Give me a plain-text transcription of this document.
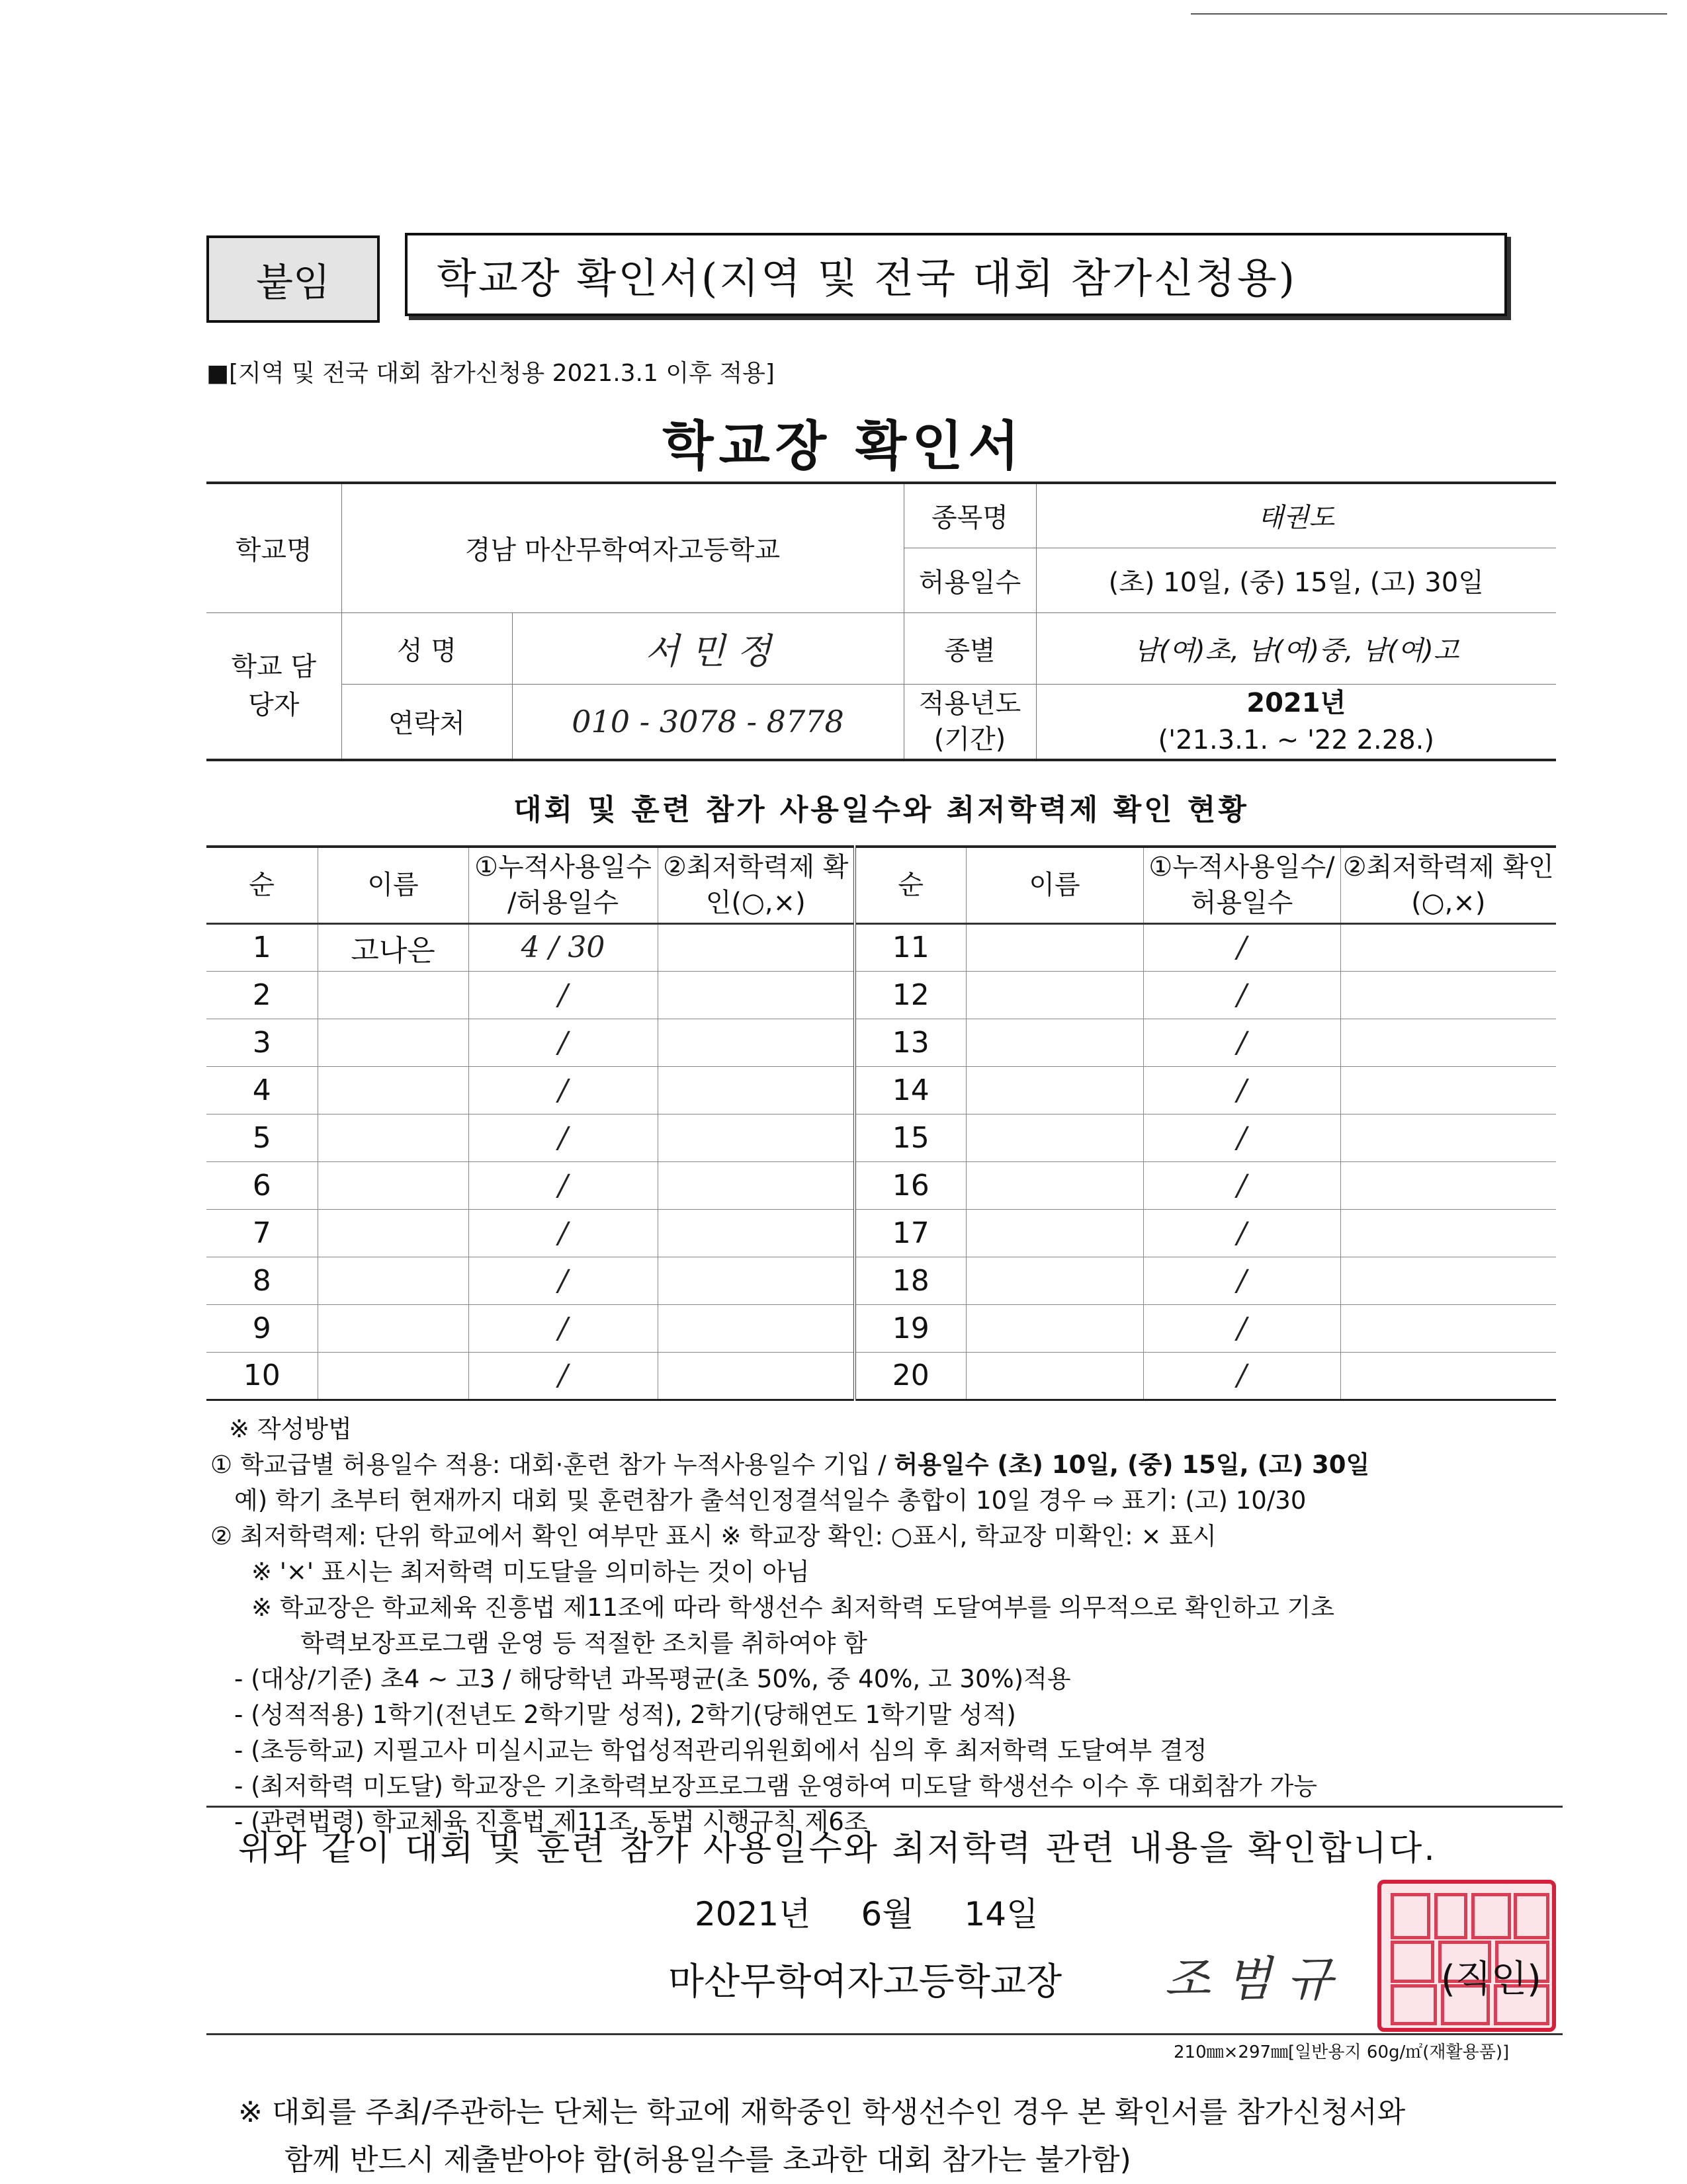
붙임	학교장 확인서(지역 및 전국 대회 참가신청용)
■[지역 및 전국 대회 참가신청용 2021.3.1 이후 적용]
학교장 확인서
학교명	경남 마산무학여자고등학교		종목명	태권도
			허용일수	(초) 10일, (중) 15일, (고) 30일
학교 담당자	성 명	서 민 정	종별	남(여)초, 남(여)중, 남(여)고
	연락처	010 - 3078 - 8778	적용년도 (기간)	2021년
('21.3.1. ~ '22 2.28.)
대회 및 훈련 참가 사용일수와 최저학력제 확인 현황
순	이름	①누적사용일수 /허용일수	②최저학력제 확인(○,×)	순	이름	①누적사용일수/ 허용일수	②최저학력제 확인(○,×)
1	고나은	4 / 30		11		/	
2		/		12		/	
3		/		13		/	
4		/		14		/	
5		/		15		/	
6		/		16		/	
7		/		17		/	
8		/		18		/	
9		/		19		/	
10		/		20		/	

※ 작성방법

① 학교급별 허용일수 적용: 대회·훈련 참가 누적사용일수 기입 / 허용일수 (초) 10일, (중) 15일, (고) 30일

예) 학기 초부터 현재까지 대회 및 훈련참가 출석인정결석일수 총합이 10일 경우 ⇨ 표기: (고) 10/30

② 최저학력제: 단위 학교에서 확인 여부만 표시 ※ 학교장 확인: ○표시, 학교장 미확인: × 표시

※ '×' 표시는 최저학력 미도달을 의미하는 것이 아님

※ 학교장은 학교체육 진흥법 제11조에 따라 학생선수 최저학력 도달여부를 의무적으로 확인하고 기초

학력보장프로그램 운영 등 적절한 조치를 취하여야 함

- (대상/기준) 초4 ~ 고3 / 해당학년 과목평균(초 50%, 중 40%, 고 30%)적용

- (성적적용) 1학기(전년도 2학기말 성적), 2학기(당해연도 1학기말 성적)

- (초등학교) 지필고사 미실시교는 학업성적관리위원회에서 심의 후 최저학력 도달여부 결정

- (최저학력 미도달) 학교장은 기초학력보장프로그램 운영하여 미도달 학생선수 이수 후 대회참가 가능

- (관련법령) 학교체육 진흥법 제11조, 동법 시행규칙 제6조

위와 같이 대회 및 훈련 참가 사용일수와 최저학력 관련 내용을 확인합니다.
2021년 6월 14일
마산무학여자고등학교장 조 범 규	(직인)
210㎜×297㎜[일반용지 60g/㎡(재활용품)]

※ 대회를 주최/주관하는 단체는 학교에 재학중인 학생선수인 경우 본 확인서를 참가신청서와

함께 반드시 제출받아야 함(허용일수를 초과한 대회 참가는 불가함)
